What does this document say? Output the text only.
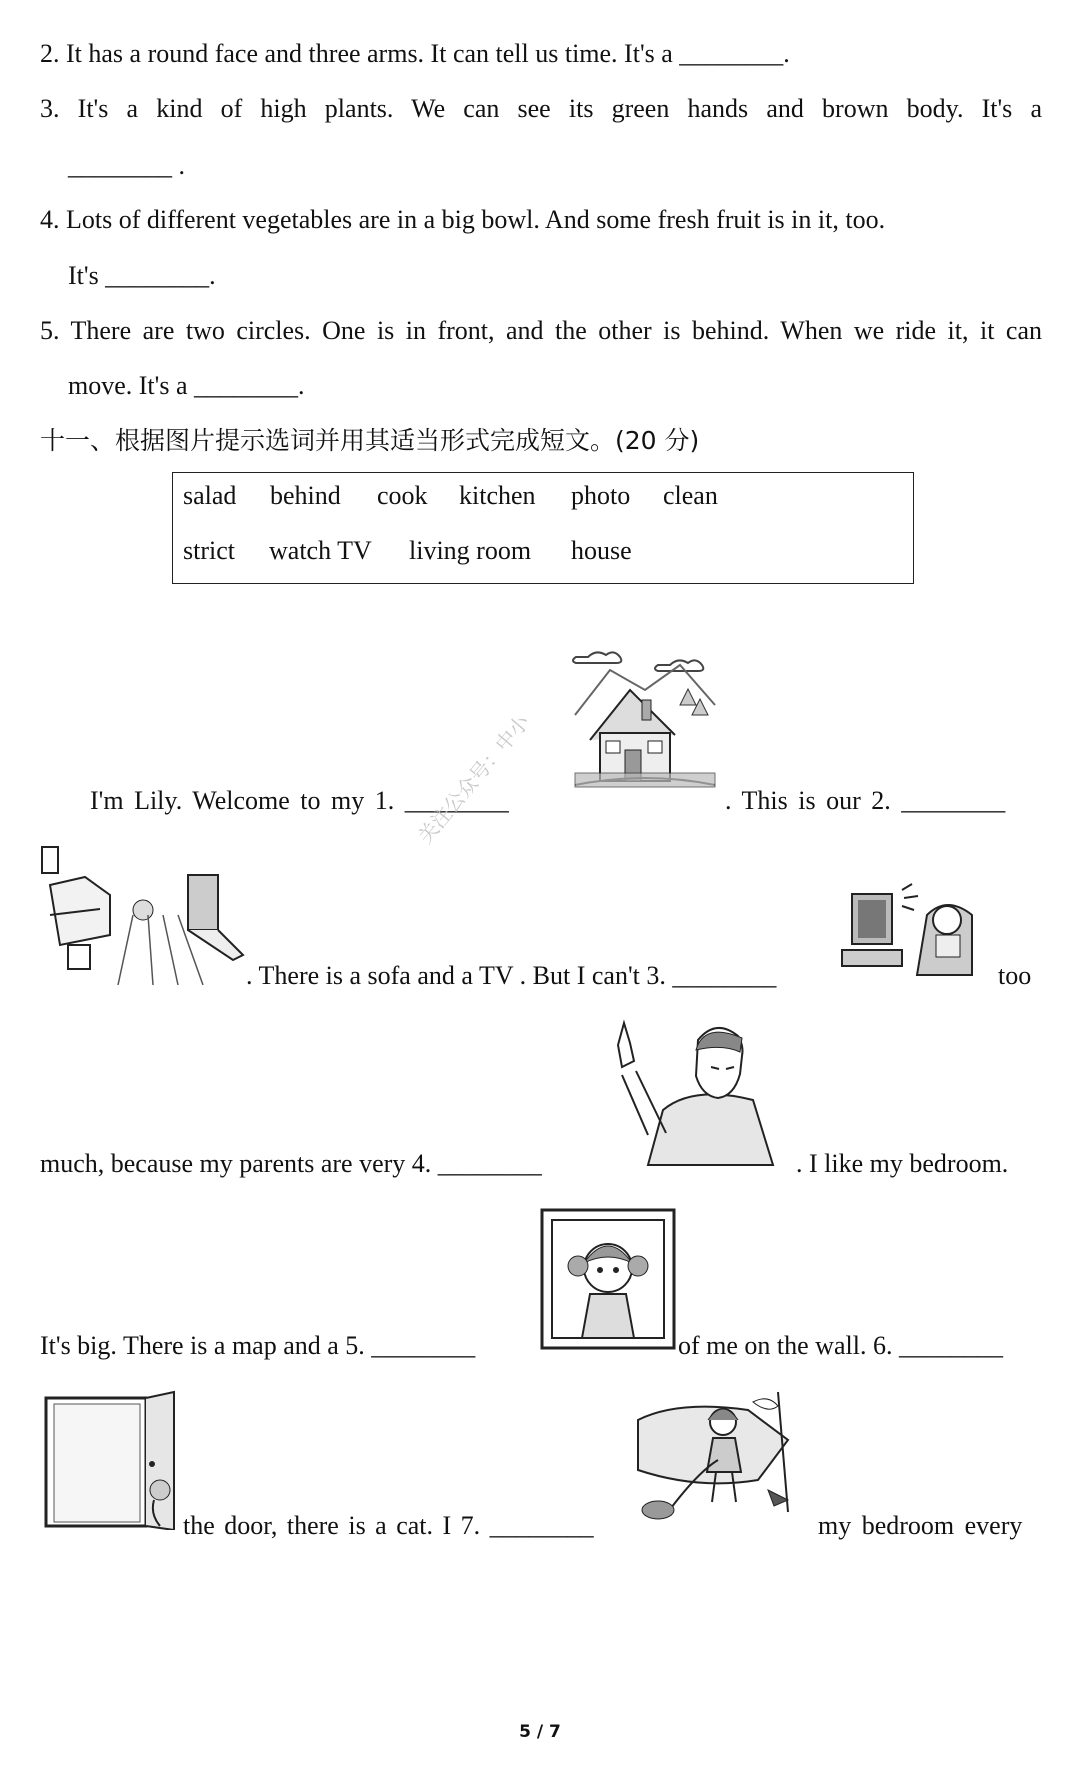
2. It has a round face and three arms. It can tell us time. It's a ________.
3. It's a kind of high plants. We can see its green hands and brown body. It's a
________ .
4. Lots of different vegetables are in a big bowl. And some fresh fruit is in it, too.
It's ________.
5. There are two circles. One is in front, and the other is behind. When we ride it, it can
move. It's a ________.
十一、根据图片提示选词并用其适当形式完成短文。(20 分)
salad behind cook kitchen photo clean
strict watch TV living room house
I'm Lily. Welcome to my 1. ________	. This is our 2. ________
. There is a sofa and a TV . But I can't 3. ________	too
much, because my parents are very 4. ________	. I like my bedroom.
It's big. There is a map and a 5. ________	of me on the wall. 6. ________
the door, there is a cat. I 7. ________	my bedroom every
关注公众号：中小
5 / 7
